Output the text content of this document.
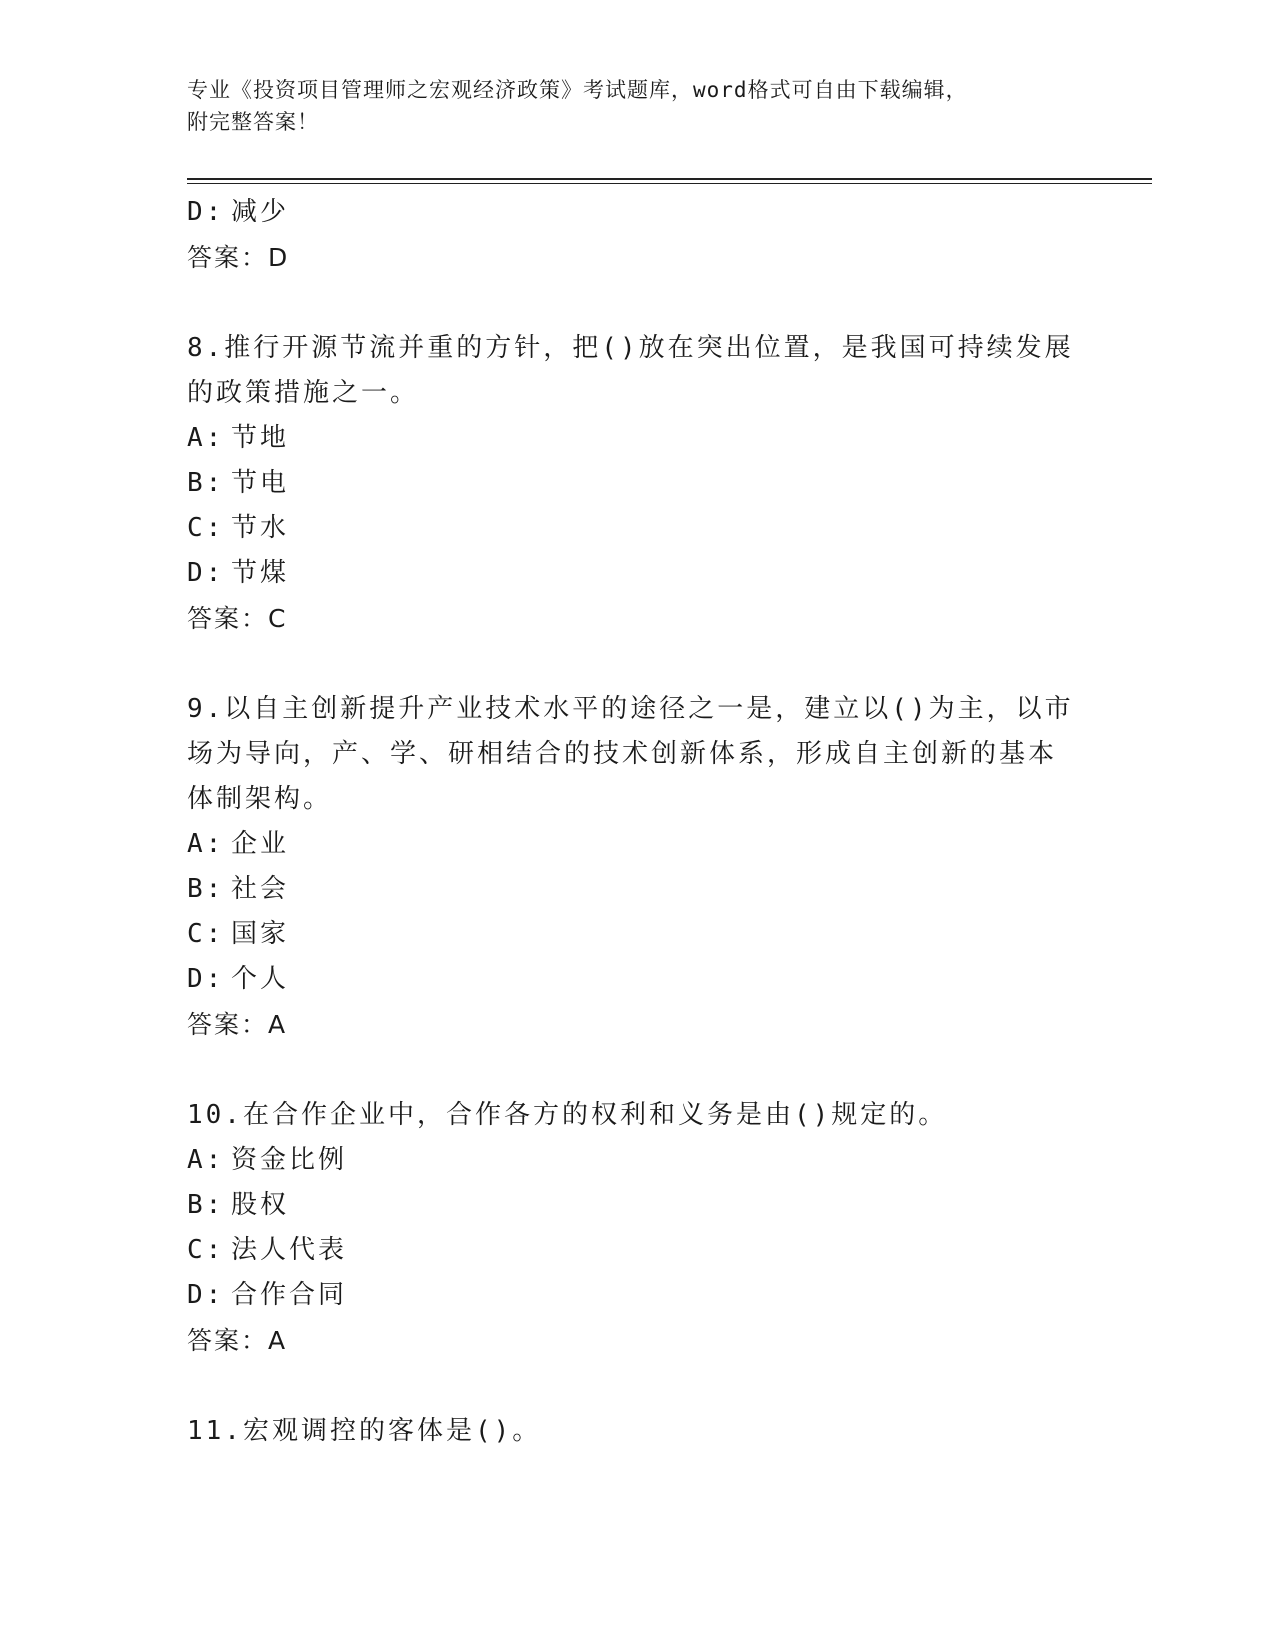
专业《投资项目管理师之宏观经济政策》考试题库，word格式可自由下载编辑，
附完整答案！
D: 减少
答案：D
8.推行开源节流并重的方针，把()放在突出位置，是我国可持续发展
的政策措施之一。
A: 节地
B: 节电
C: 节水
D: 节煤
答案：C
9.以自主创新提升产业技术水平的途径之一是，建立以()为主，以市
场为导向，产、学、研相结合的技术创新体系，形成自主创新的基本
体制架构。
A: 企业
B: 社会
C: 国家
D: 个人
答案：A
10.在合作企业中，合作各方的权利和义务是由()规定的。
A: 资金比例
B: 股权
C: 法人代表
D: 合作合同
答案：A
11.宏观调控的客体是()。
